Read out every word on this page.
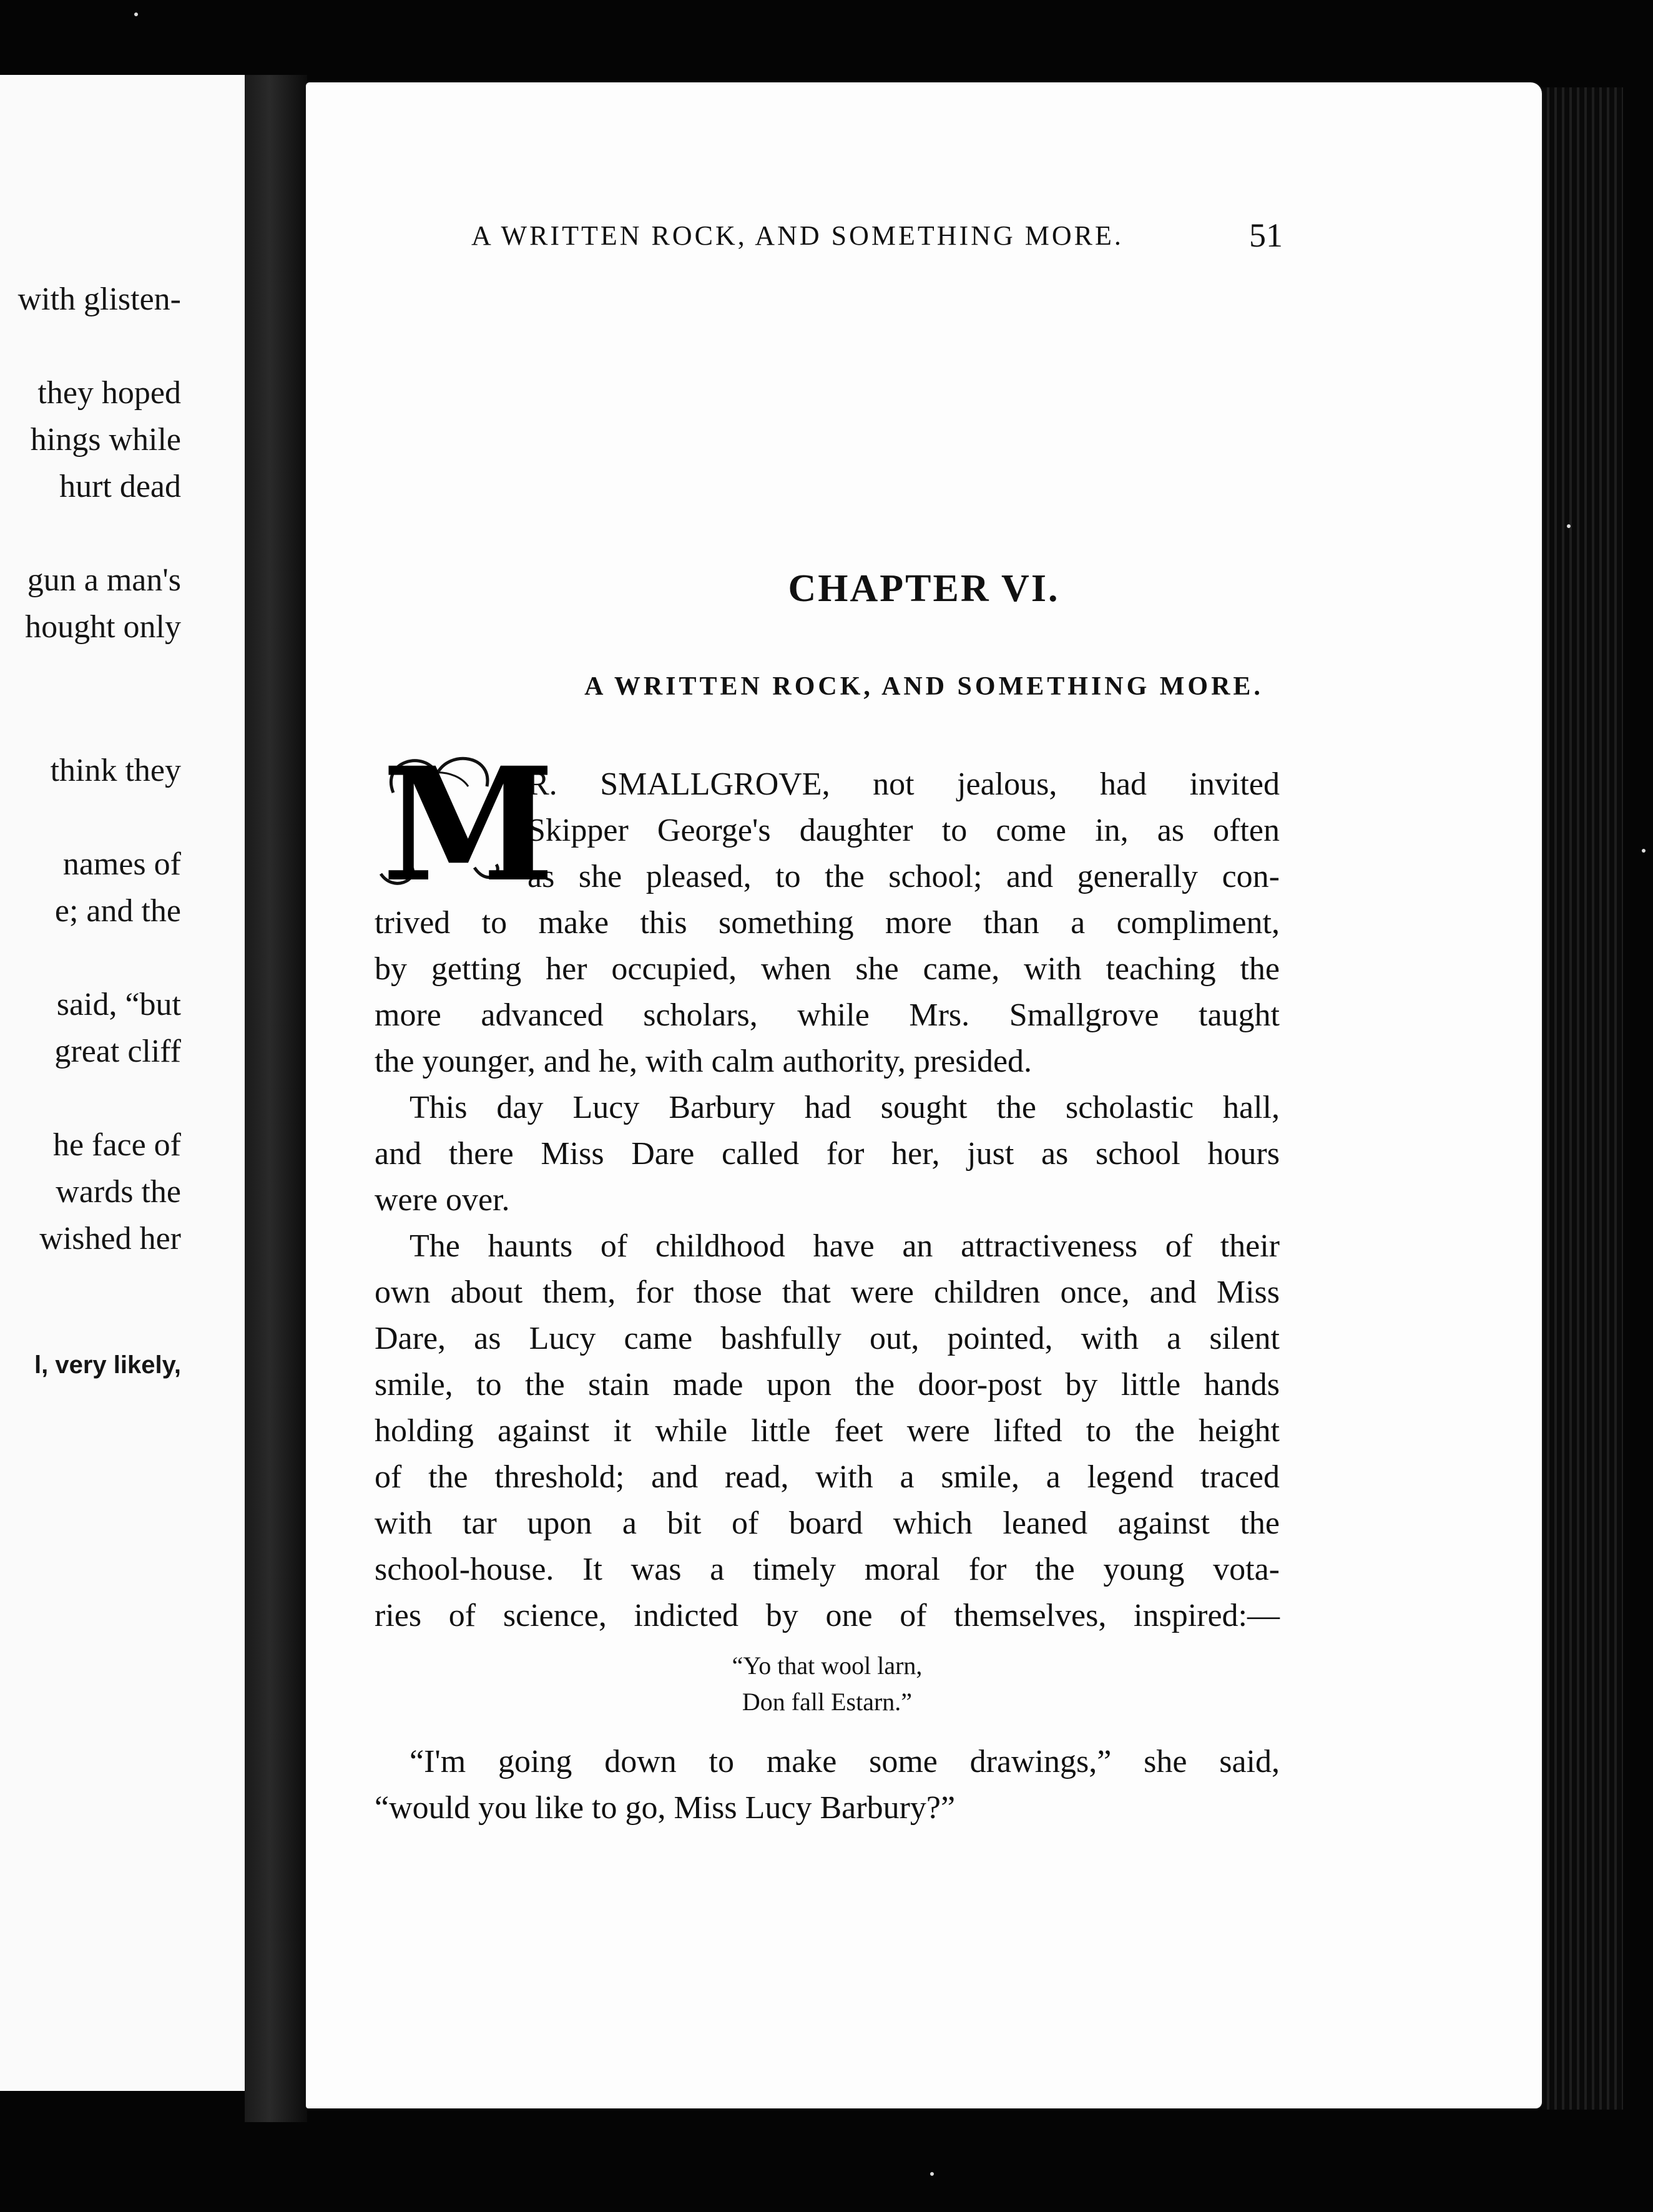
with glisten-
they hoped
hings while
hurt dead
gun a man's
hought only
think they
names of
e; and the
said, “but
great cliff
he face of
wards the
wished her
l, very likely,
A WRITTEN ROCK, AND SOMETHING MORE.	51
CHAPTER VI.
A WRITTEN ROCK, AND SOMETHING MORE.
M
R. SMALLGROVE, not jealous, had invited
Skipper George's daughter to come in, as often
as she pleased, to the school; and generally con-
trived to make this something more than a compliment,
by getting her occupied, when she came, with teaching the
more advanced scholars, while Mrs. Smallgrove taught
the younger, and he, with calm authority, presided.
This day Lucy Barbury had sought the scholastic hall,
and there Miss Dare called for her, just as school hours
were over.
The haunts of childhood have an attractiveness of their
own about them, for those that were children once, and Miss
Dare, as Lucy came bashfully out, pointed, with a silent
smile, to the stain made upon the door-post by little hands
holding against it while little feet were lifted to the height
of the threshold; and read, with a smile, a legend traced
with tar upon a bit of board which leaned against the
school-house. It was a timely moral for the young vota-
ries of science, indicted by one of themselves, inspired:—
“Yo that wool larn,
Don fall Estarn.”
“I'm going down to make some drawings,” she said,
“would you like to go, Miss Lucy Barbury?”
